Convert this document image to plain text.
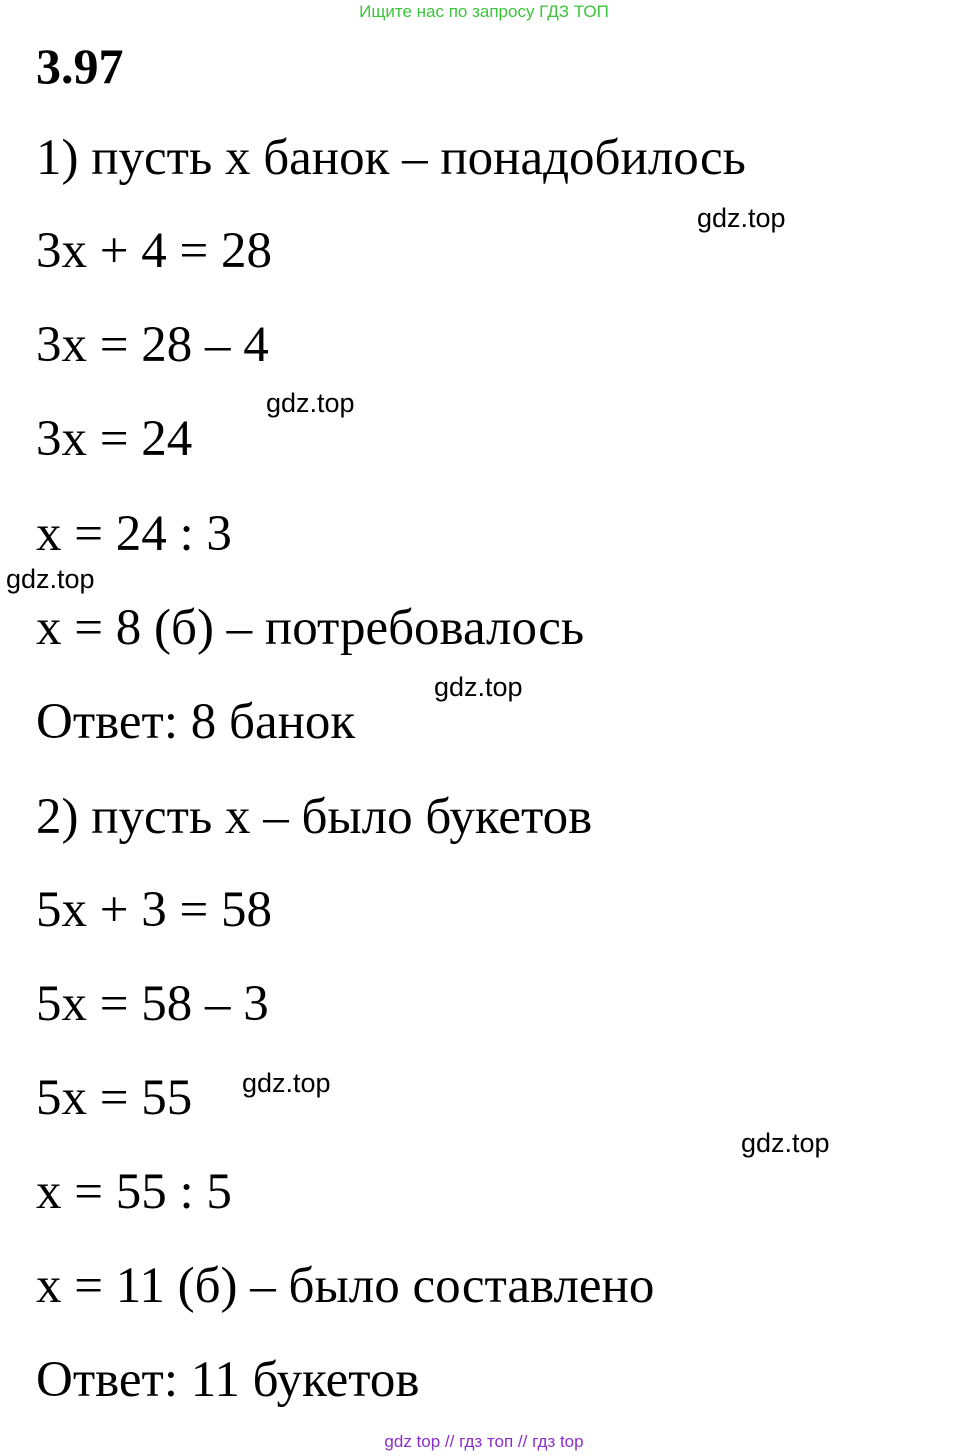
Ищите нас по запросу ГДЗ ТОП
3.97
1) пусть х банок – понадобилось
3х + 4 = 28
3х = 28 – 4
3х = 24
х = 24 : 3
х = 8 (б) – потребовалось
Ответ: 8 банок
2) пусть х – было букетов
5х + 3 = 58
5х = 58 – 3
5х = 55
х = 55 : 5
х = 11 (б) – было составлено
Ответ: 11 букетов
gdz.top
gdz.top
gdz.top
gdz.top
gdz.top
gdz.top
gdz top // гдз топ // гдз top
